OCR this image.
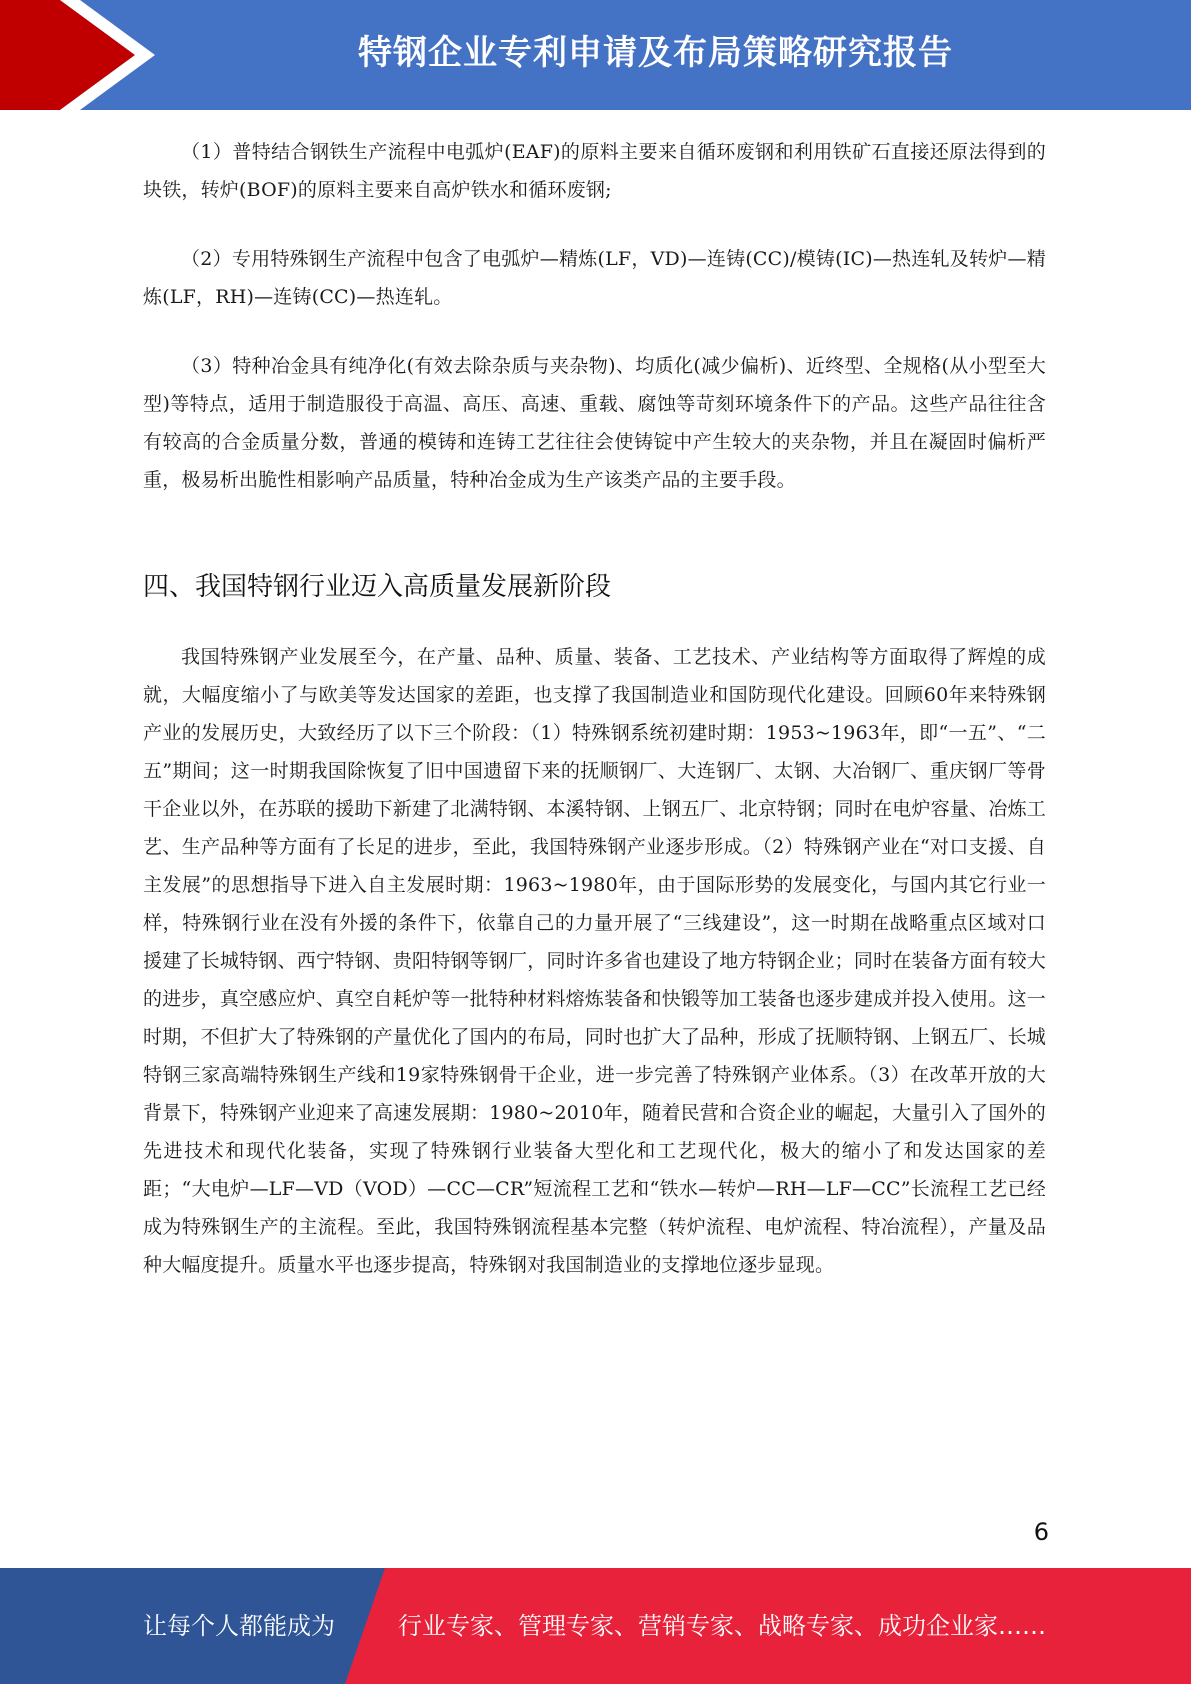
特钢企业专利申请及布局策略研究报告

（1）普特结合钢铁生产流程中电弧炉(EAF)的原料主要来自循环废钢和利用铁矿石直接还原法得到的块铁，转炉(BOF)的原料主要来自高炉铁水和循环废钢;

（2）专用特殊钢生产流程中包含了电弧炉—精炼(LF，VD)—连铸(CC)/模铸(IC)—热连轧及转炉—精炼(LF，RH)—连铸(CC)—热连轧。

（3）特种冶金具有纯净化(有效去除杂质与夹杂物)、均质化(减少偏析)、近终型、全规格(从小型至大型)等特点，适用于制造服役于高温、高压、高速、重载、腐蚀等苛刻环境条件下的产品。这些产品往往含有较高的合金质量分数，普通的模铸和连铸工艺往往会使铸锭中产生较大的夹杂物，并且在凝固时偏析严重，极易析出脆性相影响产品质量，特种冶金成为生产该类产品的主要手段。

四、我国特钢行业迈入高质量发展新阶段

我国特殊钢产业发展至今，在产量、品种、质量、装备、工艺技术、产业结构等方面取得了辉煌的成就，大幅度缩小了与欧美等发达国家的差距，也支撑了我国制造业和国防现代化建设。回顾60年来特殊钢产业的发展历史，大致经历了以下三个阶段：（1）特殊钢系统初建时期：1953~1963年，即“一五”、“二五”期间；这一时期我国除恢复了旧中国遗留下来的抚顺钢厂、大连钢厂、太钢、大冶钢厂、重庆钢厂等骨干企业以外，在苏联的援助下新建了北满特钢、本溪特钢、上钢五厂、北京特钢；同时在电炉容量、冶炼工艺、生产品种等方面有了长足的进步，至此，我国特殊钢产业逐步形成。（2）特殊钢产业在“对口支援、自主发展”的思想指导下进入自主发展时期：1963~1980年，由于国际形势的发展变化，与国内其它行业一样，特殊钢行业在没有外援的条件下，依靠自己的力量开展了“三线建设”，这一时期在战略重点区域对口援建了长城特钢、西宁特钢、贵阳特钢等钢厂，同时许多省也建设了地方特钢企业；同时在装备方面有较大的进步，真空感应炉、真空自耗炉等一批特种材料熔炼装备和快锻等加工装备也逐步建成并投入使用。这一时期，不但扩大了特殊钢的产量优化了国内的布局，同时也扩大了品种，形成了抚顺特钢、上钢五厂、长城特钢三家高端特殊钢生产线和19家特殊钢骨干企业，进一步完善了特殊钢产业体系。（3）在改革开放的大背景下，特殊钢产业迎来了高速发展期：1980~2010年，随着民营和合资企业的崛起，大量引入了国外的先进技术和现代化装备，实现了特殊钢行业装备大型化和工艺现代化，极大的缩小了和发达国家的差距；“大电炉—LF—VD（VOD）—CC—CR”短流程工艺和“铁水—转炉—RH—LF—CC”长流程工艺已经成为特殊钢生产的主流程。至此，我国特殊钢流程基本完整（转炉流程、电炉流程、特冶流程），产量及品种大幅度提升。质量水平也逐步提高，特殊钢对我国制造业的支撑地位逐步显现。

6
让每个人都能成为	行业专家、管理专家、营销专家、战略专家、成功企业家……
